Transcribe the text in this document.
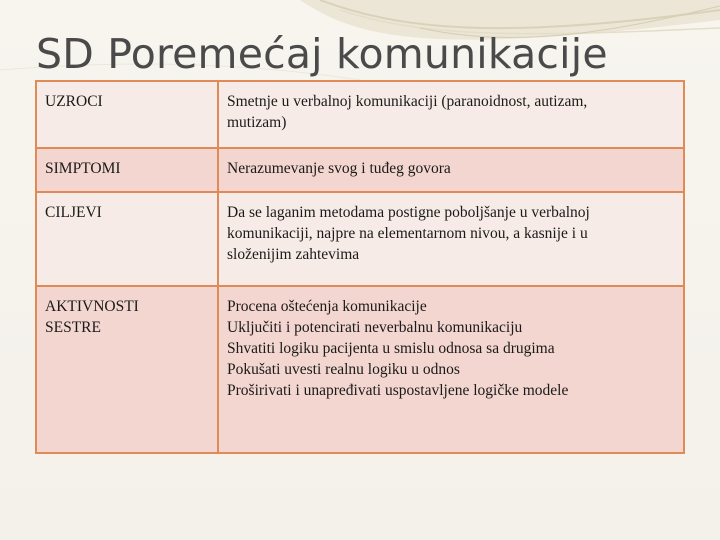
SD Poremećaj komunikacije
UZROCI	Smetnje u verbalnoj komunikaciji (paranoidnost, autizam,
mutizam)

SIMPTOMI	Nerazumevanje svog i tuđeg govora

CILJEVI	Da se laganim metodama postigne poboljšanje u verbalnoj
komunikaciji, najpre na elementarnom nivou, a kasnije i u
složenijim zahtevima

AKTIVNOSTI
SESTRE	Procena oštećenja komunikacije
Uključiti i potencirati neverbalnu komunikaciju
Shvatiti logiku pacijenta u smislu odnosa sa drugima
Pokušati uvesti realnu logiku u odnos
Proširivati i unapređivati uspostavljene logičke modele
